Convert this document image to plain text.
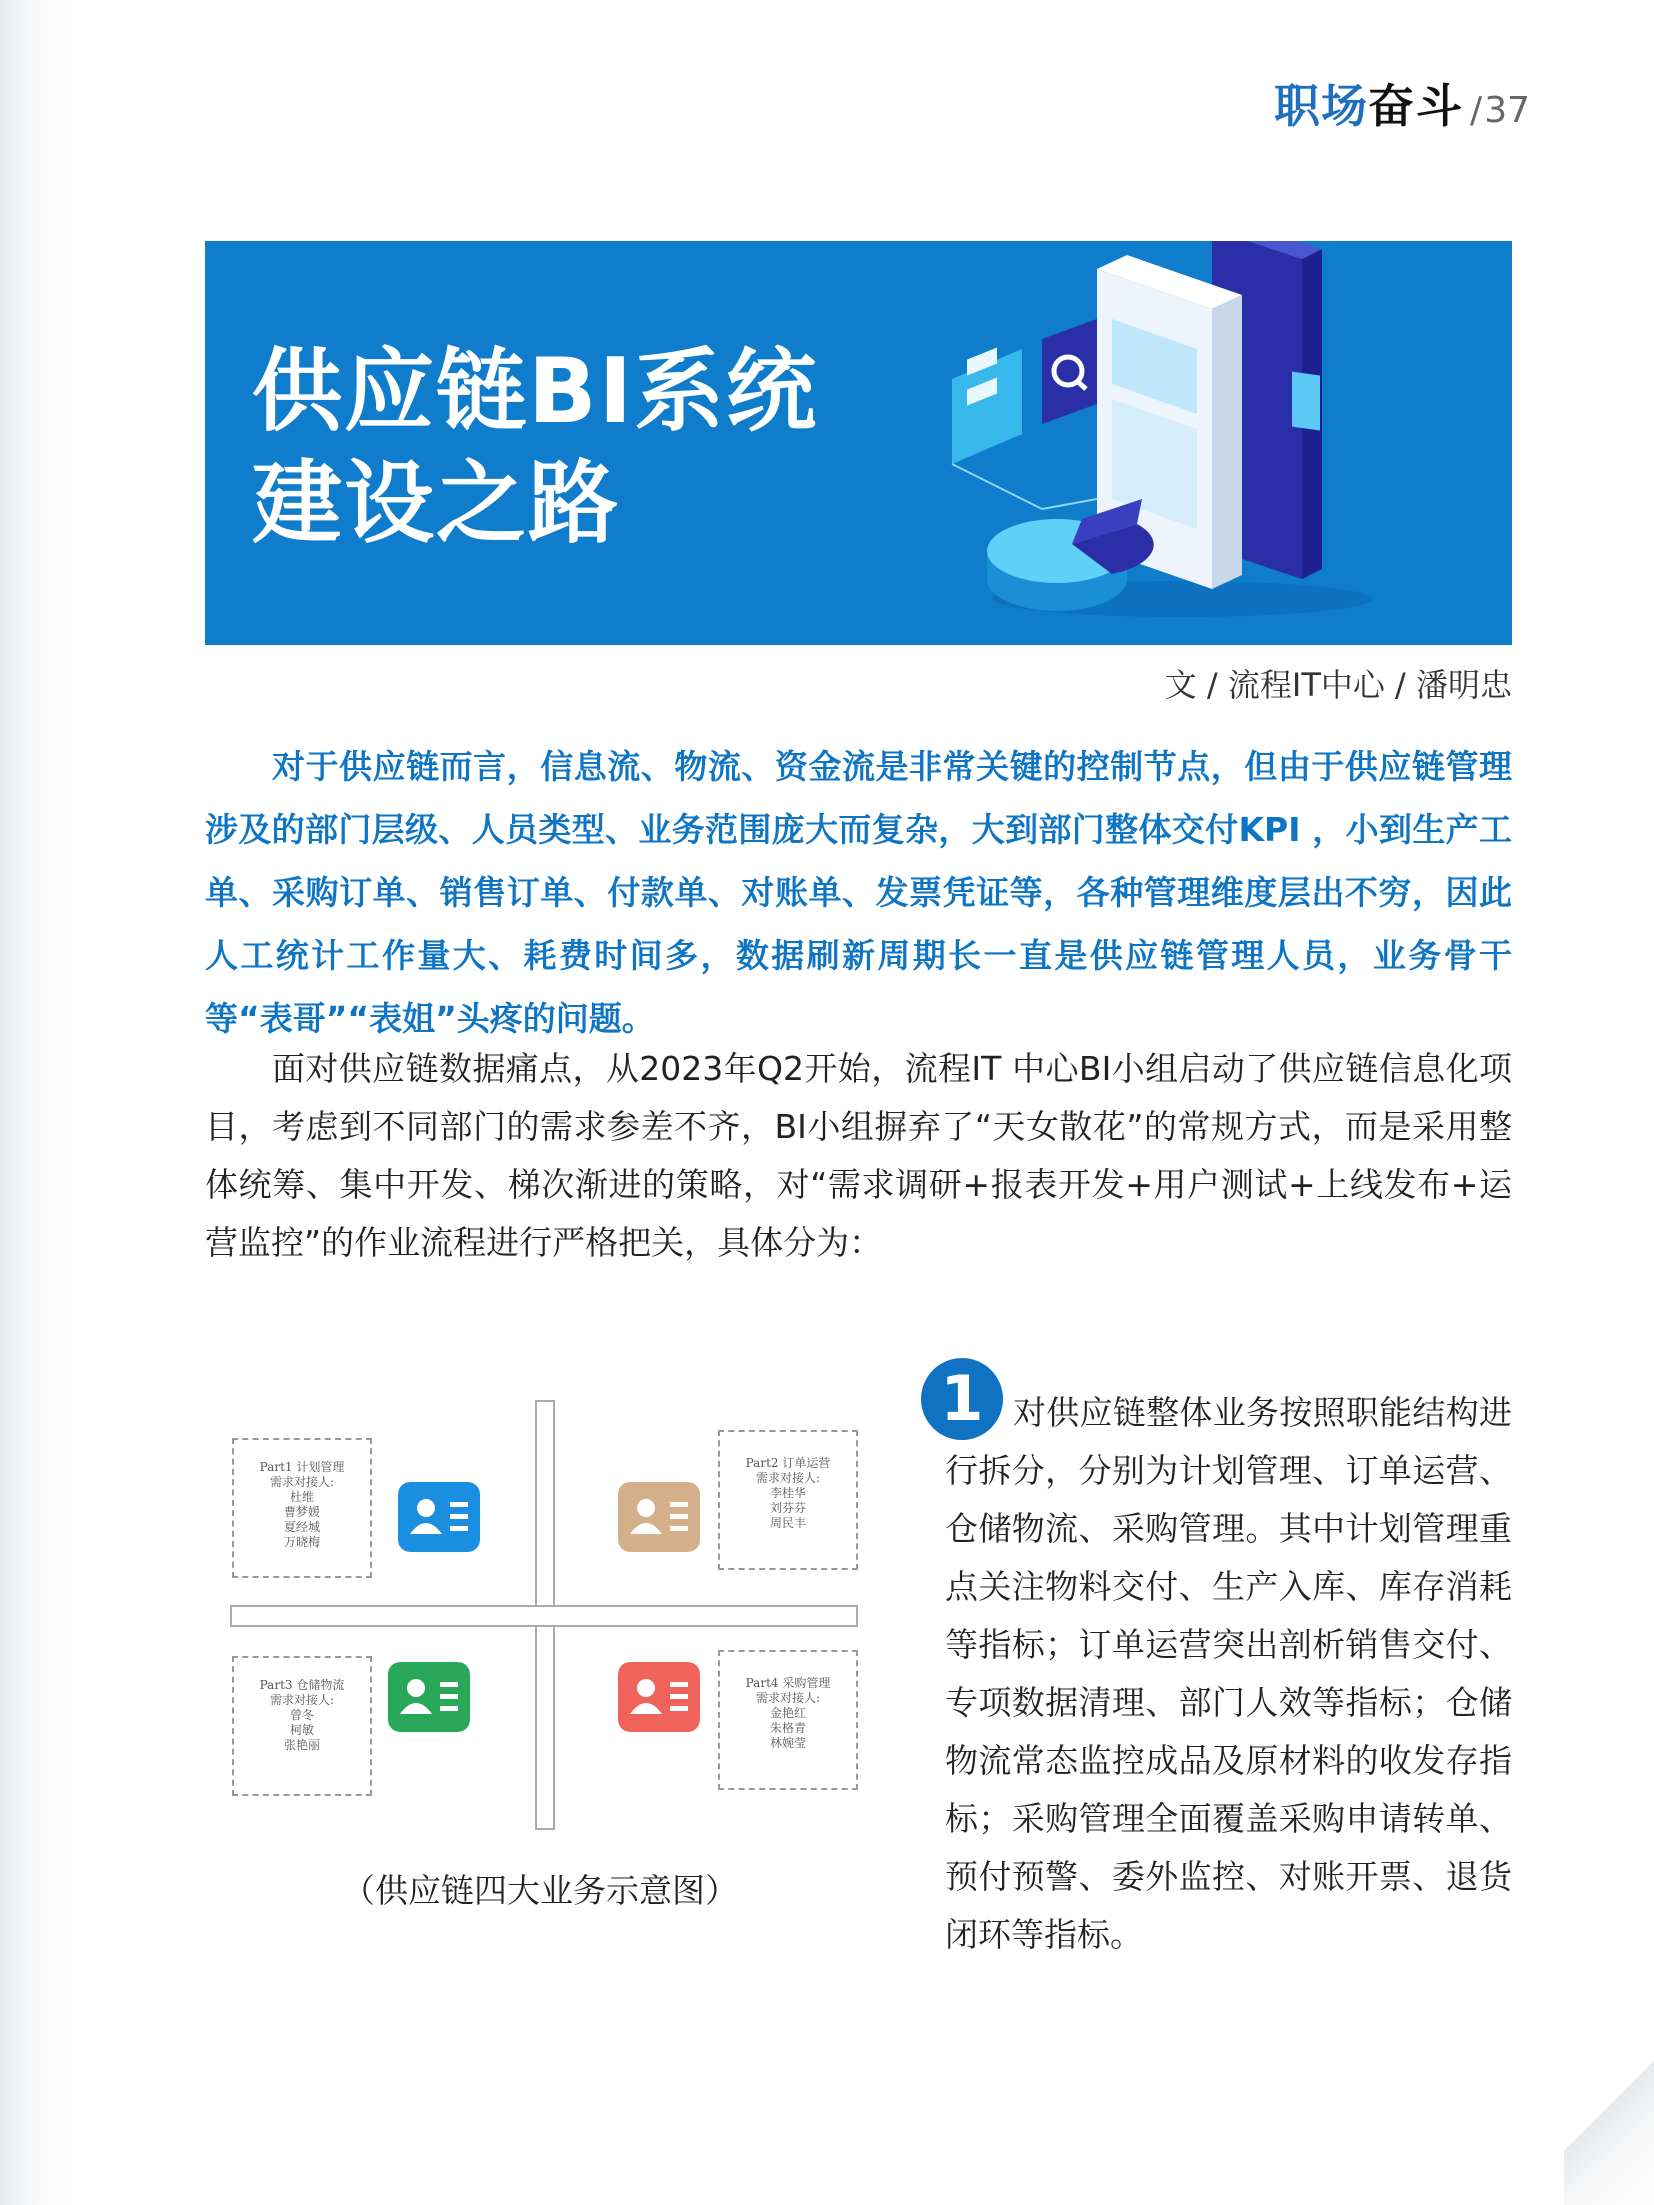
职场 奋斗 / 37
供应链BI系统
建设之路
文 / 流程IT中心 / 潘明忠

对于供应链而言，信息流、物流、资金流是非常关键的控制节点，但由于供应链管理涉及的部门层级、人员类型、业务范围庞大而复杂，大到部门整体交付KPI ，小到生产工单、采购订单、销售订单、付款单、对账单、发票凭证等，各种管理维度层出不穷，因此人工统计工作量大、耗费时间多，数据刷新周期长一直是供应链管理人员，业务骨干等“表哥”“表姐”头疼的问题。

面对供应链数据痛点，从2023年Q2开始，流程IT 中心BI小组启动了供应链信息化项目，考虑到不同部门的需求参差不齐，BI小组摒弃了“天女散花”的常规方式，而是采用整体统筹、集中开发、梯次渐进的策略，对“需求调研+报表开发+用户测试+上线发布+运营监控”的作业流程进行严格把关，具体分为：

Part1 计划管理
需求对接人:
杜维
曹梦媛
夏经城
万晓梅
Part2 订单运营
需求对接人:
李桂华
刘芬芬
周民丰
Part3 仓储物流
需求对接人:
曾冬
柯敏
张艳丽
Part4 采购管理
需求对接人:
金艳红
朱格青
林婉莹
（供应链四大业务示意图）
1 对供应链整体业务按照职能结构进行拆分，分别为计划管理、订单运营、仓储物流、采购管理。其中计划管理重点关注物料交付、生产入库、库存消耗等指标；订单运营突出剖析销售交付、专项数据清理、部门人效等指标；仓储物流常态监控成品及原材料的收发存指标；采购管理全面覆盖采购申请转单、预付预警、委外监控、对账开票、退货闭环等指标。
